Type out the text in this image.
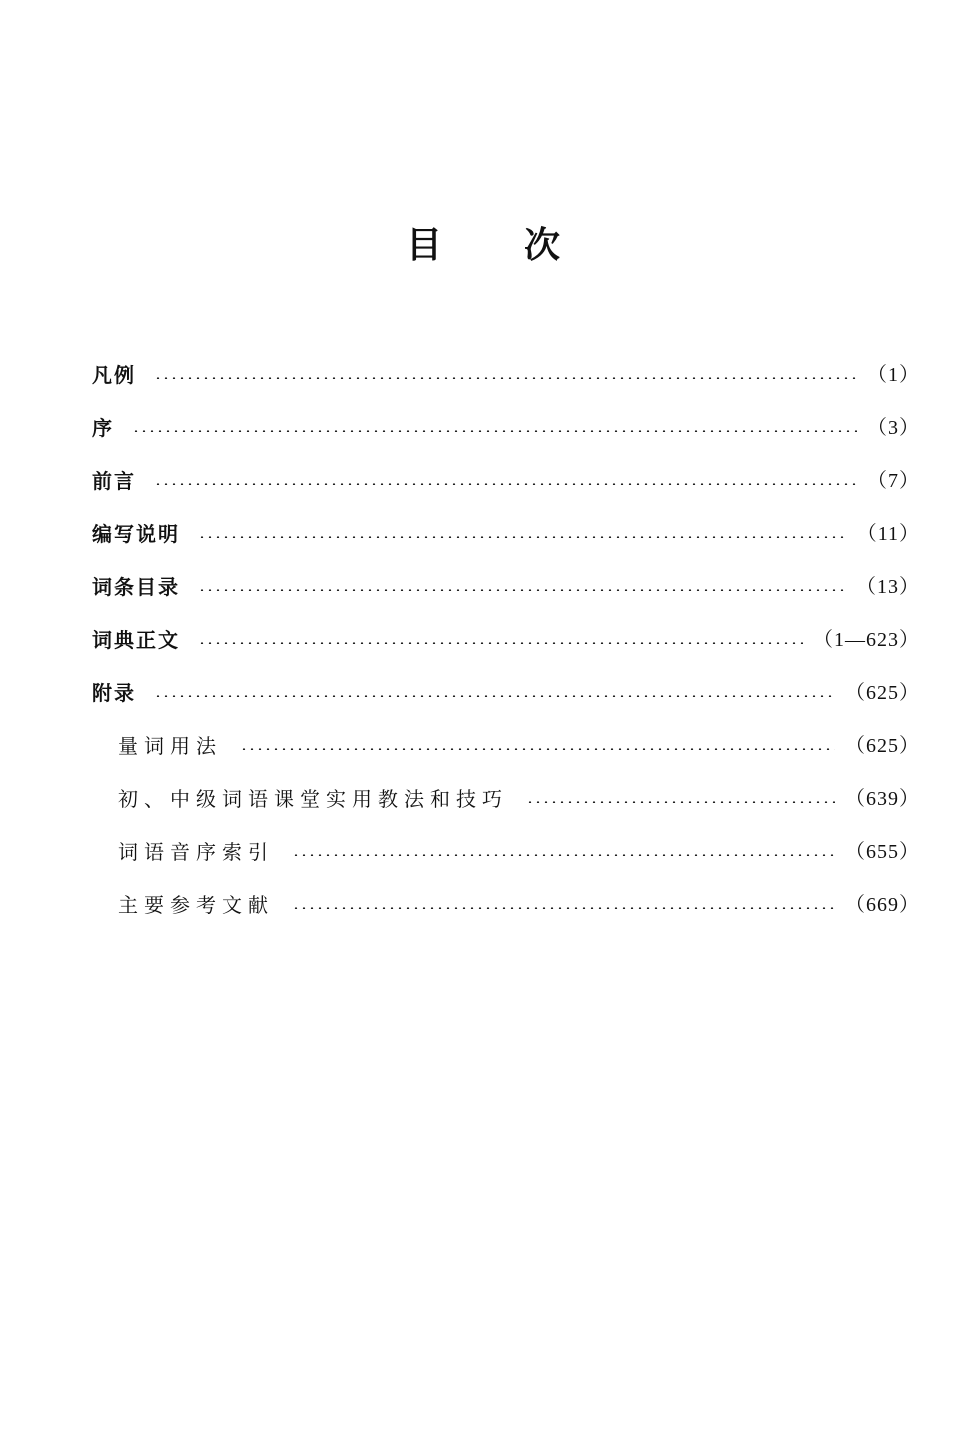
目 次
凡例	（1）
序	（3）
前言	（7）
编写说明	（11）
词条目录	（13）
词典正文	（1—623）
附录	（625）
量词用法	（625）
初、中级词语课堂实用教法和技巧	（639）
词语音序索引	（655）
主要参考文献	（669）
